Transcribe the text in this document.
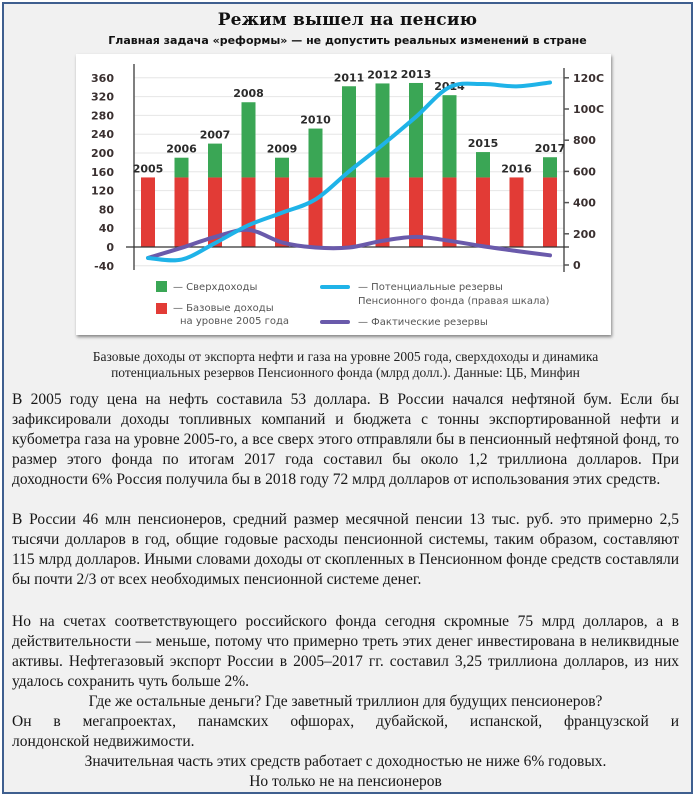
Режим вышел на пенсию
Главная задача «реформы» — не допустить реальных изменений в стране
360
320
280
240
200
160
120
80
40
0
-40
120C
100C
800
600
400
200
0
2005
2006
2007
2008
2009
2010
2011 2012 2013
2014
2015
2016
2017
— Сверхдоходы
— Базовые доходы
на уровне 2005 года
— Потенциальные резервы
Пенсионного фонда (правая шкала)
— Фактические резервы
Базовые доходы от экспорта нефти и газа на уровне 2005 года, сверхдоходы и динамика
потенциальных резервов Пенсионного фонда (млрд долл.). Данные: ЦБ, Минфин

В 2005 году цена на нефть составила 53 доллара. В России начался нефтяной бум. Если бы зафиксировали доходы топливных компаний и бюджета с тонны экспортированной нефти и кубометра газа на уровне 2005-го, а все сверх этого отправляли бы в пенсионный нефтяной фонд, то размер этого фонда по итогам 2017 года составил бы около 1,2 триллиона долларов. При доходности 6% Россия получила бы в 2018 году 72 млрд долларов от использования этих средств.

В России 46 млн пенсионеров, средний размер месячной пенсии 13 тыс. руб. это примерно 2,5 тысячи долларов в год, общие годовые расходы пенсионной системы, таким образом, составляют 115 млрд долларов. Иными словами доходы от скопленных в Пенсионном фонде средств составляли бы почти 2/3 от всех необходимых пенсионной системе денег.

Но на счетах соответствующего российского фонда сегодня скромные 75 млрд долларов, а в действительности — меньше, потому что примерно треть этих денег инвестирована в неликвидные активы. Нефтегазовый экспорт России в 2005–2017 гг. составил 3,25 триллиона долларов, из них удалось сохранить чуть больше 2%.

Где же остальные деньги? Где заветный триллион для будущих пенсионеров?
Он в мегапроектах, панамских офшорах, дубайской, испанской, французской и
лондонской недвижимости.
Значительная часть этих средств работает с доходностью не ниже 6% годовых.
Но только не на пенсионеров
